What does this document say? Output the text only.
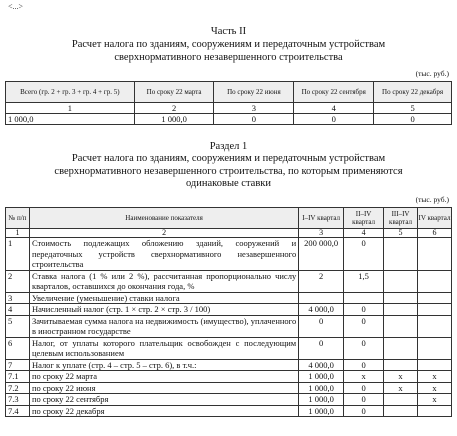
<...>
Часть II
Расчет налога по зданиям, сооружениям и передаточным устройствам
сверхнормативного незавершенного строительства
(тыс. руб.)
Всего (гр. 2 + гр. 3 + гр. 4 + гр. 5)	По сроку 22 марта	По сроку 22 июня	По сроку 22 сентября	По сроку 22 декабря
1	2	3	4	5
1 000,0	1 000,0	0	0	0
Раздел 1
Расчет налога по зданиям, сооружениям и передаточным устройствам
сверхнормативного незавершенного строительства, по которым применяются
одинаковые ставки
(тыс. руб.)
№ п/п	Наименование показателя	I–IV квартал	II–IV квартал	III–IV квартал	IV квартал
1	2	3	4	5	6
1	Стоимость подлежащих обложению зданий, сооружений и передаточных устройств сверхнормативного незавершенного строительства	200 000,0	0		
2	Ставка налога (1 % или 2 %), рассчитанная пропорционально числу кварталов, оставшихся до окончания года, %	2	1,5		
3	Увеличение (уменьшение) ставки налога				
4	Начисленный налог (стр. 1 × стр. 2 × стр. 3 / 100)	4 000,0	0		
5	Зачитываемая сумма налога на недвижимость (имущество), уплаченного в иностранном государстве	0	0		
6	Налог, от уплаты которого плательщик освобожден с последующим целевым использованием	0	0		
7	Налог к уплате (стр. 4 – стр. 5 – стр. 6), в т.ч.:	4 000,0	0		
7.1	по сроку 22 марта	1 000,0	x	x	x
7.2	по сроку 22 июня	1 000,0	0	x	x
7.3	по сроку 22 сентября	1 000,0	0		x
7.4	по сроку 22 декабря	1 000,0	0		
